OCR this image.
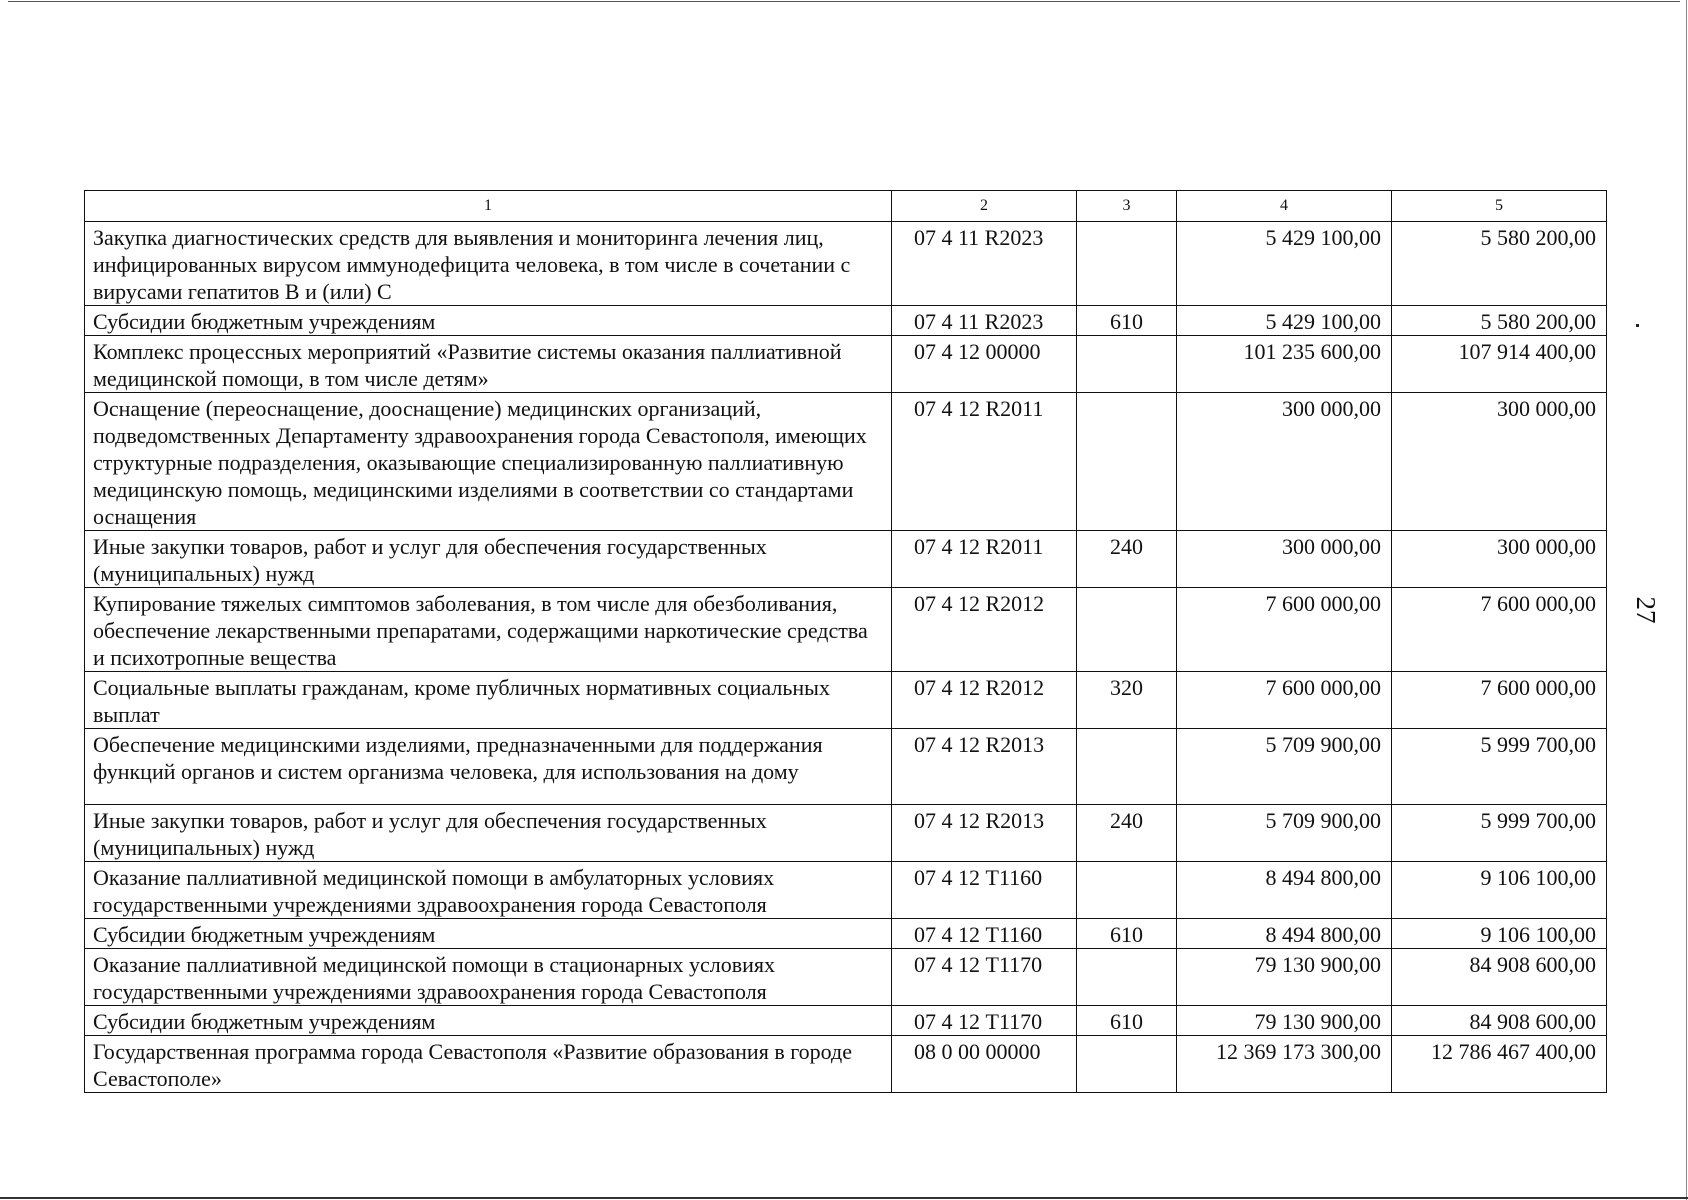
1	2	3	4	5
Закупка диагностических средств для выявления и мониторинга лечения лиц, инфицированных вирусом иммунодефицита человека, в том числе в сочетании с вирусами гепатитов В и (или) С	07 4 11 R2023		5 429 100,00	5 580 200,00
Субсидии бюджетным учреждениям	07 4 11 R2023	610	5 429 100,00	5 580 200,00
Комплекс процессных мероприятий «Развитие системы оказания паллиативной медицинской помощи, в том числе детям»	07 4 12 00000		101 235 600,00	107 914 400,00
Оснащение (переоснащение, дооснащение) медицинских организаций, подведомственных Департаменту здравоохранения города Севастополя, имеющих структурные подразделения, оказывающие специализированную паллиативную медицинскую помощь, медицинскими изделиями в соответствии со стандартами оснащения	07 4 12 R2011		300 000,00	300 000,00
Иные закупки товаров, работ и услуг для обеспечения государственных (муниципальных) нужд	07 4 12 R2011	240	300 000,00	300 000,00
Купирование тяжелых симптомов заболевания, в том числе для обезболивания, обеспечение лекарственными препаратами, содержащими наркотические средства и психотропные вещества	07 4 12 R2012		7 600 000,00	7 600 000,00
Социальные выплаты гражданам, кроме публичных нормативных социальных выплат	07 4 12 R2012	320	7 600 000,00	7 600 000,00
Обеспечение медицинскими изделиями, предназначенными для поддержания функций органов и систем организма человека, для использования на дому	07 4 12 R2013		5 709 900,00	5 999 700,00
Иные закупки товаров, работ и услуг для обеспечения государственных (муниципальных) нужд	07 4 12 R2013	240	5 709 900,00	5 999 700,00
Оказание паллиативной медицинской помощи в амбулаторных условиях государственными учреждениями здравоохранения города Севастополя	07 4 12 Т1160		8 494 800,00	9 106 100,00
Субсидии бюджетным учреждениям	07 4 12 Т1160	610	8 494 800,00	9 106 100,00
Оказание паллиативной медицинской помощи в стационарных условиях государственными учреждениями здравоохранения города Севастополя	07 4 12 Т1170		79 130 900,00	84 908 600,00
Субсидии бюджетным учреждениям	07 4 12 Т1170	610	79 130 900,00	84 908 600,00
Государственная программа города Севастополя «Развитие образования в городе Севастополе»	08 0 00 00000		12 369 173 300,00	12 786 467 400,00
27
